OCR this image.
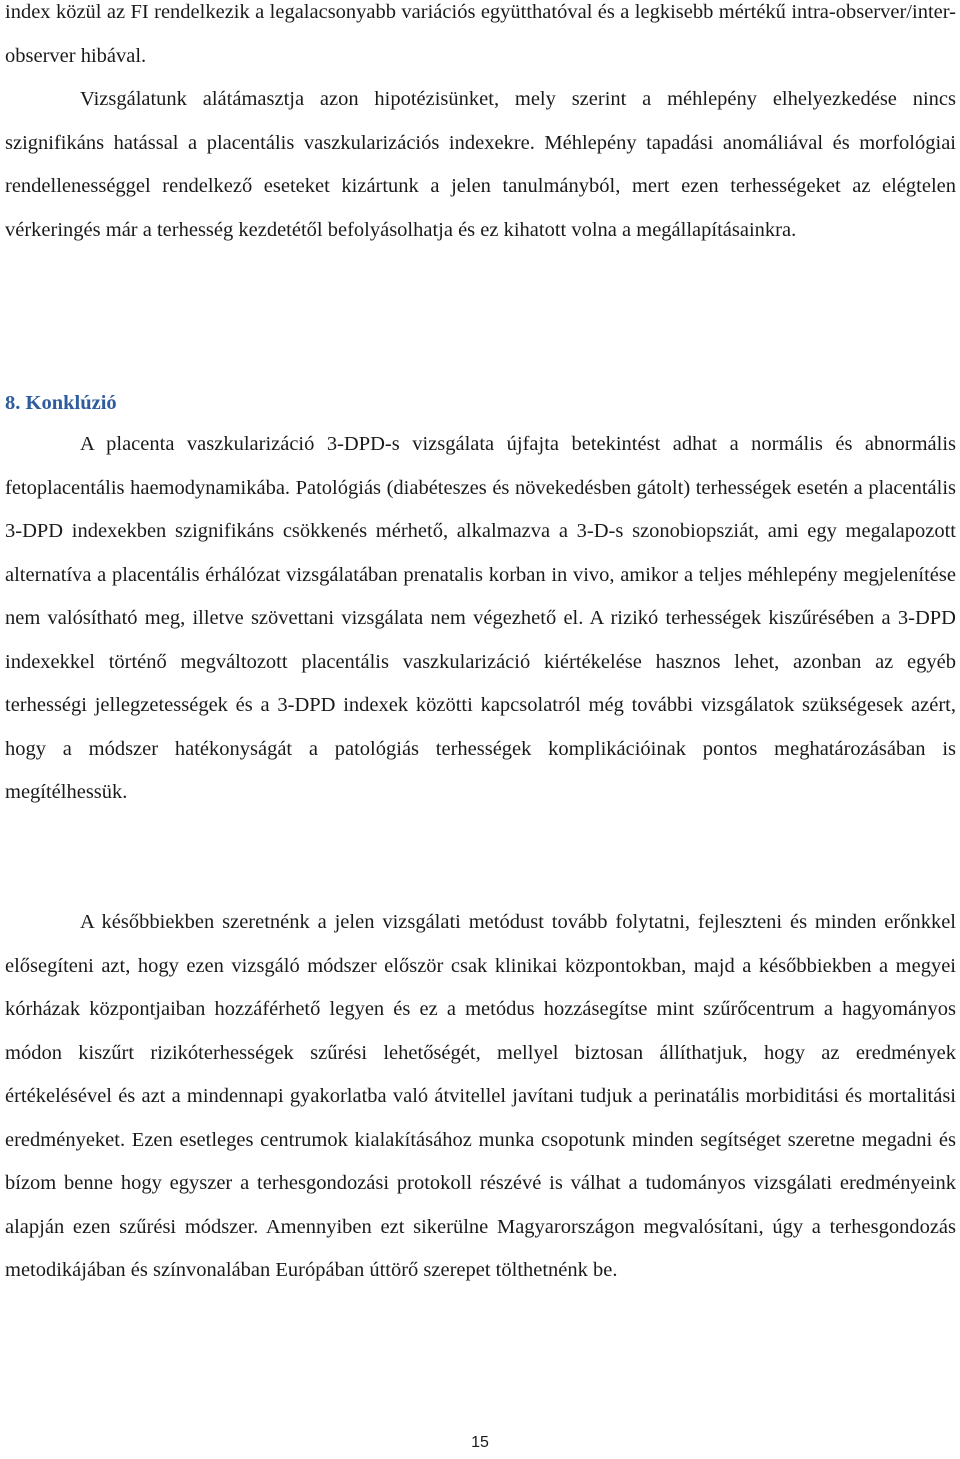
index közül az FI rendelkezik a legalacsonyabb variációs együtthatóval és a legkisebb mértékű intra-observer/inter-observer hibával.

Vizsgálatunk alátámasztja azon hipotézisünket, mely szerint a méhlepény elhelyezkedése nincs szignifikáns hatással a placentális vaszkularizációs indexekre. Méhlepény tapadási anomáliával és morfológiai rendellenességgel rendelkező eseteket kizártunk a jelen tanulmányból, mert ezen terhességeket az elégtelen vérkeringés már a terhesség kezdetétől befolyásolhatja és ez kihatott volna a megállapításainkra.

8. Konklúzió

A placenta vaszkularizáció 3-DPD-s vizsgálata újfajta betekintést adhat a normális és abnormális fetoplacentális haemodynamikába. Patológiás (diabéteszes és növekedésben gátolt) terhességek esetén a placentális 3-DPD indexekben szignifikáns csökkenés mérhető, alkalmazva a 3-D-s szonobiopsziát, ami egy megalapozott alternatíva a placentális érhálózat vizsgálatában prenatalis korban in vivo, amikor a teljes méhlepény megjelenítése nem valósítható meg, illetve szövettani vizsgálata nem végezhető el. A rizikó terhességek kiszűrésében a 3-DPD indexekkel történő megváltozott placentális vaszkularizáció kiértékelése hasznos lehet, azonban az egyéb terhességi jellegzetességek és a 3-DPD indexek közötti kapcsolatról még további vizsgálatok szükségesek azért, hogy a módszer hatékonyságát a patológiás terhességek komplikációinak pontos meghatározásában is megítélhessük.

A későbbiekben szeretnénk a jelen vizsgálati metódust tovább folytatni, fejleszteni és minden erőnkkel elősegíteni azt, hogy ezen vizsgáló módszer először csak klinikai központokban, majd a későbbiekben a megyei kórházak központjaiban hozzáférhető legyen és ez a metódus hozzásegítse mint szűrőcentrum a hagyományos módon kiszűrt rizikóterhességek szűrési lehetőségét, mellyel biztosan állíthatjuk, hogy az eredmények értékelésével és azt a mindennapi gyakorlatba való átvitellel javítani tudjuk a perinatális morbiditási és mortalitási eredményeket. Ezen esetleges centrumok kialakításához munka csopotunk minden segítséget szeretne megadni és bízom benne hogy egyszer a terhesgondozási protokoll részévé is válhat a tudományos vizsgálati eredményeink alapján ezen szűrési módszer. Amennyiben ezt sikerülne Magyarországon megvalósítani, úgy a terhesgondozás metodikájában és színvonalában Európában úttörő szerepet tölthetnénk be.

15
